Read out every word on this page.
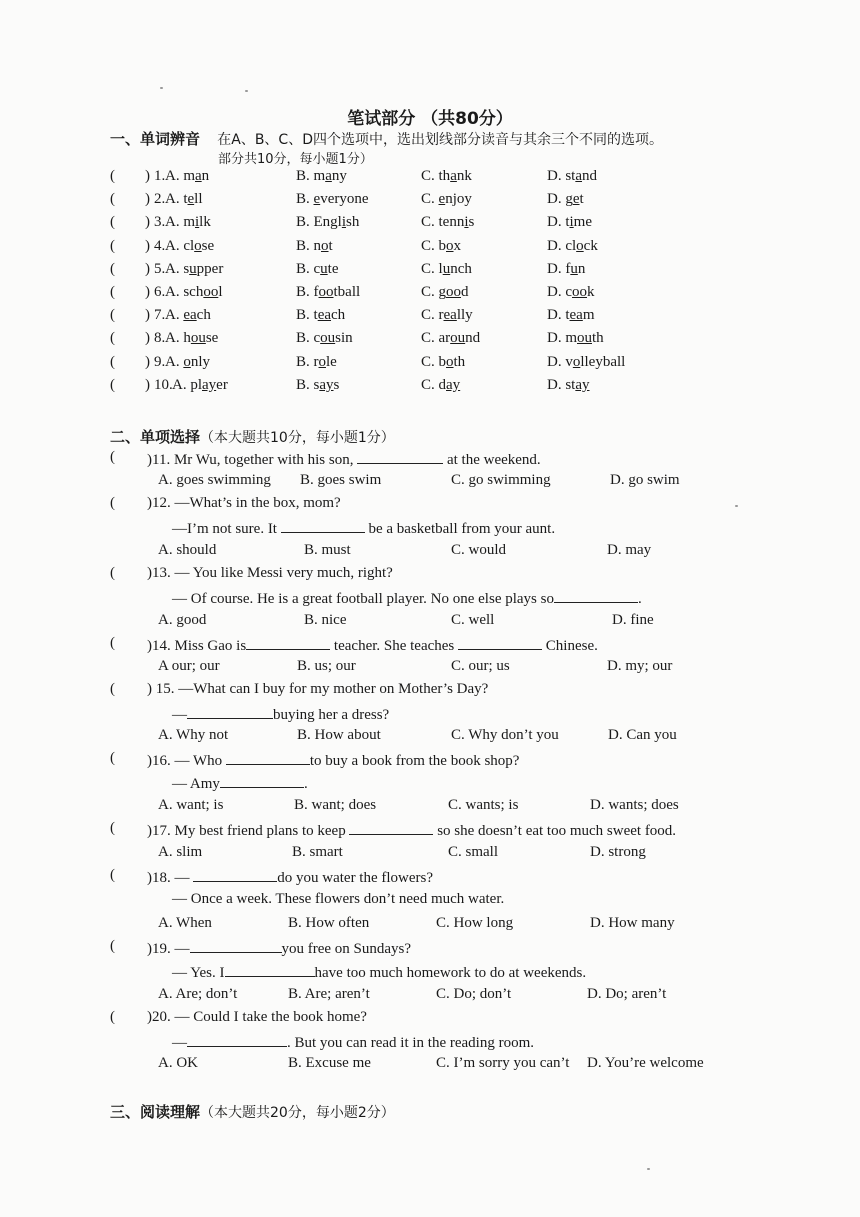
笔试部分 （共80分）
一、单词辨音 在A、B、C、D四个选项中，选出划线部分读音与其余三个不同的选项。
部分共10分，每小题1分）
( ) 1. A. man	B. many	C. thank	D. stand
( ) 2. A. tell	B. everyone	C. enjoy	D. get
( ) 3. A. milk	B. English	C. tennis	D. time
( ) 4. A. close	B. not	C. box	D. clock
( ) 5. A. supper	B. cute	C. lunch	D. fun
( ) 6. A. school	B. football	C. good	D. cook
( ) 7. A. each	B. teach	C. really	D. team
( ) 8. A. house	B. cousin	C. around	D. mouth
( ) 9. A. only	B. role	C. both	D. volleyball
( ) 10. A. player	B. says	C. day	D. stay
二、单项选择（本大题共10分，每小题1分）
( )11. Mr Wu, together with his son,	at the weekend.
A. goes swimming B. goes swim	C. go swimming	D. go swim
( )12. —What’s in the box, mom?
—I’m not sure. It	be a basketball from your aunt.
A. should	B. must	C. would	D. may
( )13. — You like Messi very much, right?
— Of course. He is a great football player. No one else plays so	.
A. good	B. nice	C. well	D. fine
( )14. Miss Gao is	teacher. She teaches	Chinese.
A our; our	B. us; our	C. our; us	D. my; our
( ) 15. —What can I buy for my mother on Mother’s Day?
—	buying her a dress?
A. Why not	B. How about	C. Why don’t you	D. Can you
( )16. — Who	to buy a book from the book shop?
— Amy	.
A. want; is	B. want; does	C. wants; is	D. wants; does
( )17. My best friend plans to keep	so she doesn’t eat too much sweet food.
A. slim	B. smart	C. small	D. strong
( )18. —	do you water the flowers?
— Once a week. These flowers don’t need much water.
A. When	B. How often	C. How long	D. How many
( )19. —	you free on Sundays?
— Yes. I	have too much homework to do at weekends.
A. Are; don’t	B. Are; aren’t	C. Do; don’t	D. Do; aren’t
( )20. — Could I take the book home?
—	. But you can read it in the reading room.
A. OK	B. Excuse me	C. I’m sorry you can’t D. You’re welcome
三、阅读理解（本大题共20分，每小题2分）
